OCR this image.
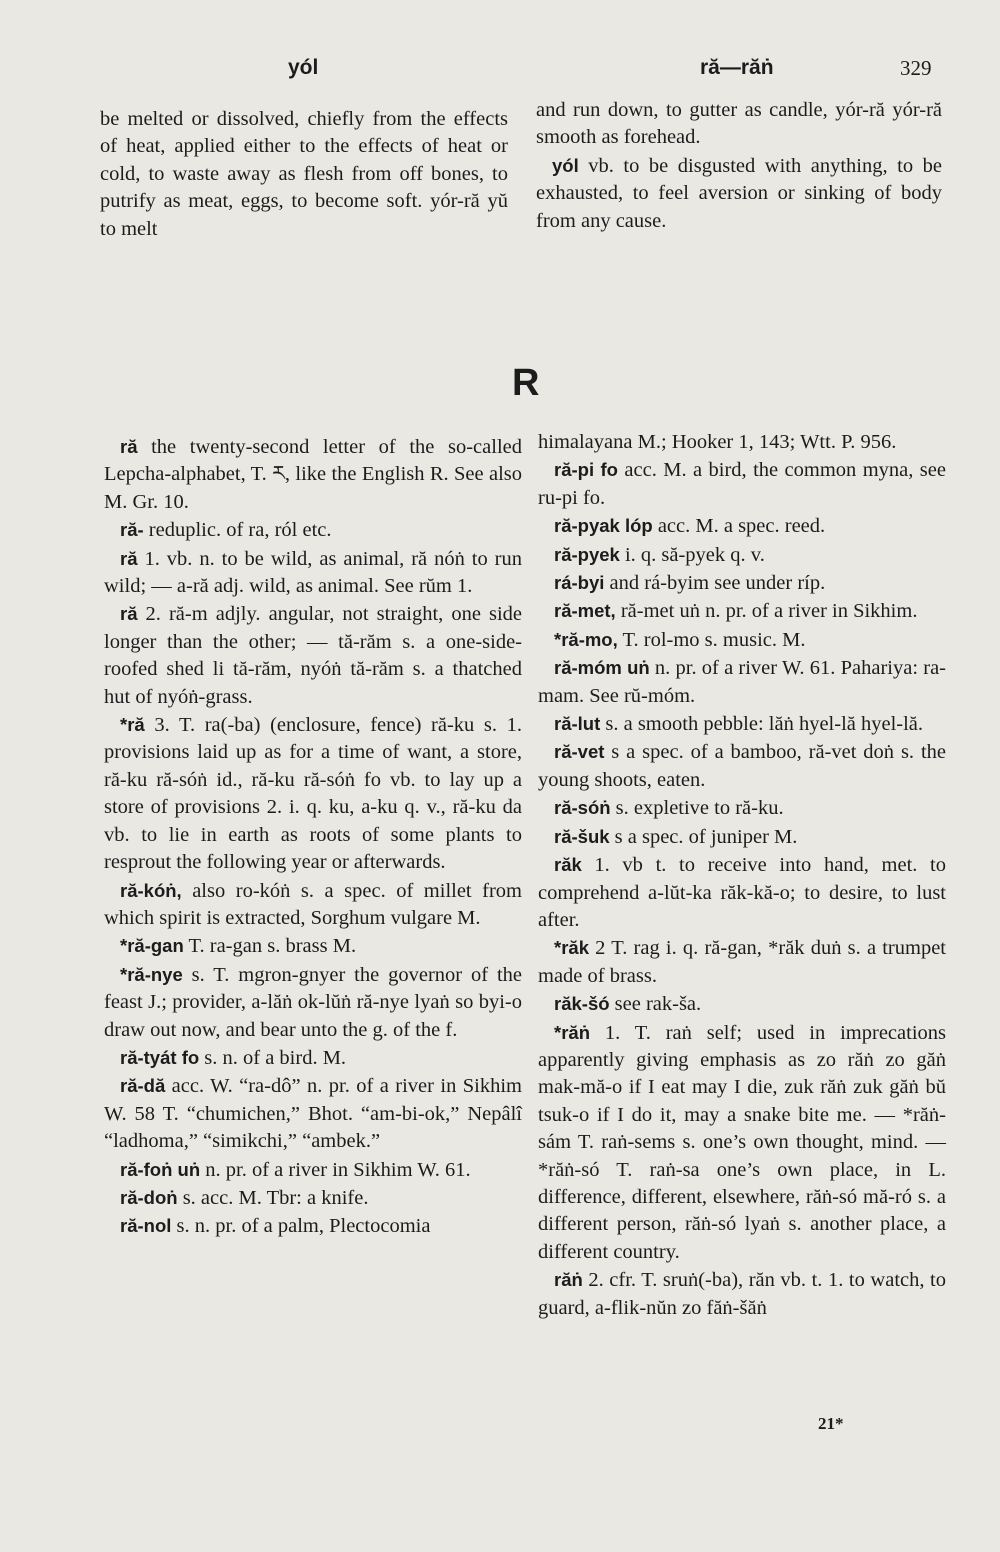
yól	ră—răṅ	329

be melted or dissolved, chiefly from the effects of heat, applied either to the effects of heat or cold, to waste away as flesh from off bones, to putrify as meat, eggs, to become soft. yór-ră yŭ to melt

and run down, to gutter as candle, yór-ră yór-ră smooth as forehead.

yól vb. to be disgusted with anything, to be exhausted, to feel aversion or sinking of body from any cause.

R

ră the twenty-second letter of the so-called Lepcha-alphabet, T. ར, like the English R. See also M. Gr. 10.

ră- reduplic. of ra, ról etc.

ră 1. vb. n. to be wild, as animal, ră nóṅ to run wild; — a-ră adj. wild, as animal. See rŭm 1.

ră 2. ră-m adjly. angular, not straight, one side longer than the other; — tă-răm s. a one-side-roofed shed li tă-răm, nyóṅ tă-răm s. a thatched hut of nyóṅ-grass.

*ră 3. T. ra(-ba) (enclosure, fence) ră-ku s. 1. provisions laid up as for a time of want, a store, ră-ku ră-sóṅ id., ră-ku ră-sóṅ fo vb. to lay up a store of provisions 2. i. q. ku, a-ku q. v., ră-ku da vb. to lie in earth as roots of some plants to resprout the following year or afterwards.

ră-kóṅ, also ro-kóṅ s. a spec. of millet from which spirit is extracted, Sorghum vulgare M.

*ră-gan T. ra-gan s. brass M.

*ră-nye s. T. mgron-gnyer the governor of the feast J.; provider, a-lăṅ ok-lŭṅ ră-nye lyaṅ so byi-o draw out now, and bear unto the g. of the f.

ră-tyát fo s. n. of a bird. M.

ră-dă acc. W. “ra-dô” n. pr. of a river in Sikhim W. 58 T. “chumichen,” Bhot. “am-bi-ok,” Nepâlî “ladhoma,” “simikchi,” “ambek.”

ră-foṅ uṅ n. pr. of a river in Sikhim W. 61.

ră-doṅ s. acc. M. Tbr: a knife.

ră-nol s. n. pr. of a palm, Plectocomia

himalayana M.; Hooker 1, 143; Wtt. P. 956.

ră-pi fo acc. M. a bird, the common myna, see ru-pi fo.

ră-pyak lóp acc. M. a spec. reed.

ră-pyek i. q. să-pyek q. v.

rá-byi and rá-byim see under ríp.

ră-met, ră-met uṅ n. pr. of a river in Sikhim.

*ră-mo, T. rol-mo s. music. M.

ră-móm uṅ n. pr. of a river W. 61. Pahariya: ra-mam. See rŭ-móm.

ră-lut s. a smooth pebble: lăṅ hyel-lă hyel-lă.

ră-vet s a spec. of a bamboo, ră-vet doṅ s. the young shoots, eaten.

ră-sóṅ s. expletive to ră-ku.

ră-šuk s a spec. of juniper M.

răk 1. vb t. to receive into hand, met. to comprehend a-lŭt-ka răk-kă-o; to desire, to lust after.

*răk 2 T. rag i. q. ră-gan, *răk duṅ s. a trumpet made of brass.

răk-šó see rak-ša.

*răṅ 1. T. raṅ self; used in imprecations apparently giving emphasis as zo răṅ zo găṅ mak-mă-o if I eat may I die, zuk răṅ zuk găṅ bŭ tsuk-o if I do it, may a snake bite me. — *răṅ-sám T. raṅ-sems s. one’s own thought, mind. — *răṅ-só T. raṅ-sa one’s own place, in L. difference, different, elsewhere, răṅ-só mă-ró s. a different person, răṅ-só lyaṅ s. another place, a different country.

răṅ 2. cfr. T. sruṅ(-ba), răn vb. t. 1. to watch, to guard, a-flik-nŭn zo făṅ-šăṅ

21*
